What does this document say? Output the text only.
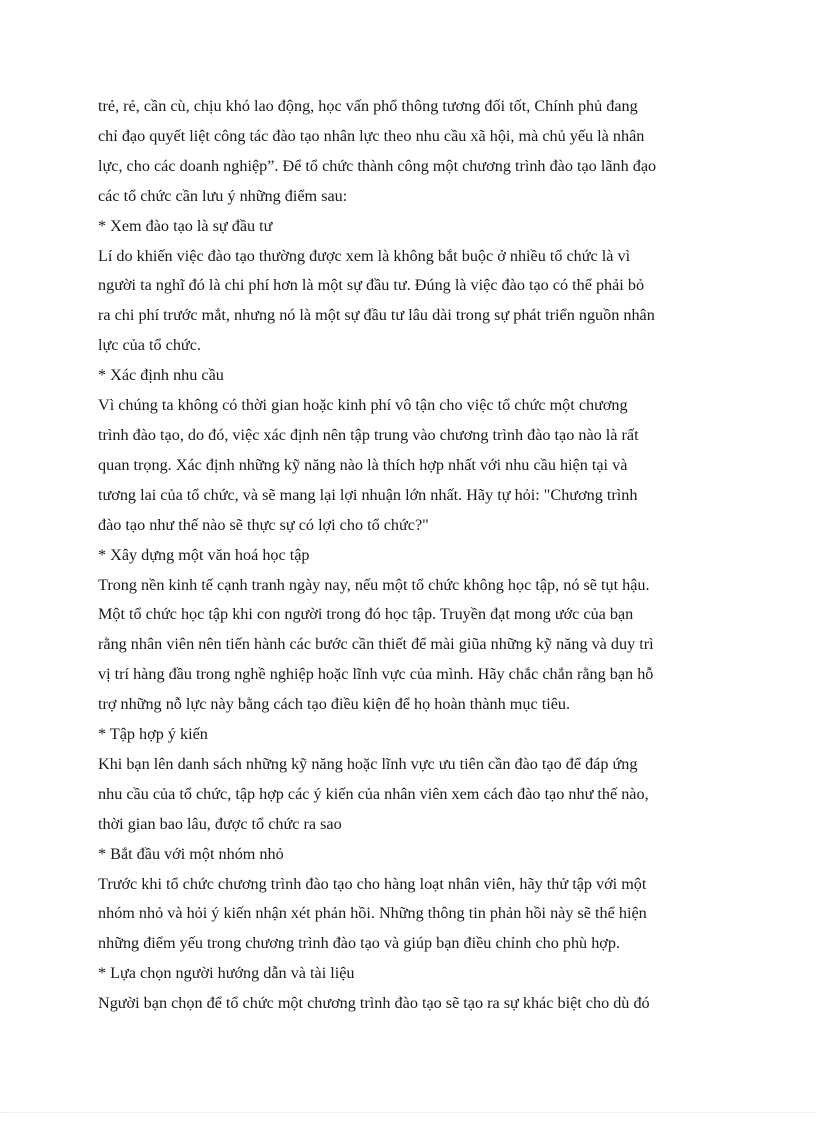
trẻ, rẻ, cần cù, chịu khó lao động, học vấn phổ thông tương đối tốt, Chính phủ đang

chỉ đạo quyết liệt công tác đào tạo nhân lực theo nhu cầu xã hội, mà chủ yếu là nhân

lực, cho các doanh nghiệp”. Để tổ chức thành công một chương trình đào tạo lãnh đạo

các tổ chức cần lưu ý những điểm sau:

* Xem đào tạo là sự đầu tư

Lí do khiến việc đào tạo thường được xem là không bắt buộc ở nhiều tổ chức là vì

người ta nghĩ đó là chi phí hơn là một sự đầu tư. Đúng là việc đào tạo có thể phải bỏ

ra chi phí trước mắt, nhưng nó là một sự đầu tư lâu dài trong sự phát triển nguồn nhân

lực của tổ chức.

* Xác định nhu cầu

Vì chúng ta không có thời gian hoặc kinh phí vô tận cho việc tổ chức một chương

trình đào tạo, do đó, việc xác định nên tập trung vào chương trình đào tạo nào là rất

quan trọng. Xác định những kỹ năng nào là thích hợp nhất với nhu cầu hiện tại và

tương lai của tổ chức, và sẽ mang lại lợi nhuận lớn nhất. Hãy tự hỏi: "Chương trình

đào tạo như thế nào sẽ thực sự có lợi cho tổ chức?"

* Xây dựng một văn hoá học tập

Trong nền kinh tế cạnh tranh ngày nay, nếu một tổ chức không học tập, nó sẽ tụt hậu.

Một tổ chức học tập khi con người trong đó học tập. Truyền đạt mong ước của bạn

rằng nhân viên nên tiến hành các bước cần thiết để mài giũa những kỹ năng và duy trì

vị trí hàng đầu trong nghề nghiệp hoặc lĩnh vực của mình. Hãy chắc chắn rằng bạn hỗ

trợ những nỗ lực này bằng cách tạo điều kiện để họ hoàn thành mục tiêu.

* Tập hợp ý kiến

Khi bạn lên danh sách những kỹ năng hoặc lĩnh vực ưu tiên cần đào tạo để đáp ứng

nhu cầu của tổ chức, tập hợp các ý kiến của nhân viên xem cách đào tạo như thế nào,

thời gian bao lâu, được tổ chức ra sao

* Bắt đầu với một nhóm nhỏ

Trước khi tổ chức chương trình đào tạo cho hàng loạt nhân viên, hãy thử tập với một

nhóm nhỏ và hỏi ý kiến nhận xét phản hồi. Những thông tin phản hồi này sẽ thể hiện

những điểm yếu trong chương trình đào tạo và giúp bạn điều chỉnh cho phù hợp.

* Lựa chọn người hướng dẫn và tài liệu

Người bạn chọn để tổ chức một chương trình đào tạo sẽ tạo ra sự khác biệt cho dù đó
